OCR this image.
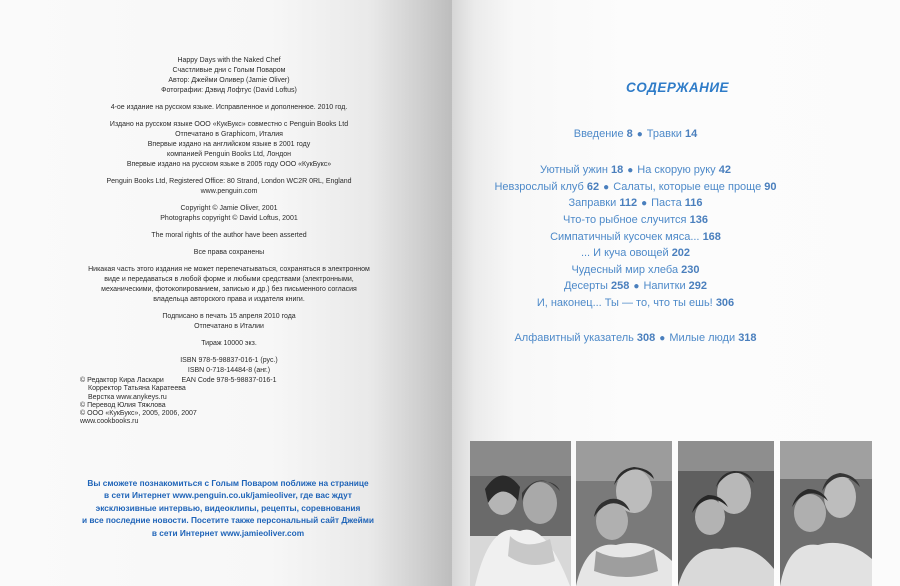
Happy Days with the Naked Chef
Счастливые дни с Голым Поваром
Автор: Джейми Оливер (Jamie Oliver)
Фотографии: Дэвид Лофтус (David Loftus)
4-ое издание на русском языке. Исправленное и дополненное. 2010 год.
Издано на русском языке ООО «КукБукс» совместно с Penguin Books Ltd
Отпечатано в Graphicom, Италия
Впервые издано на английском языке в 2001 году
компанией Penguin Books Ltd, Лондон
Впервые издано на русском языке в 2005 году ООО «КукБукс»
Penguin Books Ltd, Registered Office: 80 Strand, London WC2R 0RL, England
www.penguin.com
Copyright © Jamie Oliver, 2001
Photographs copyright © David Loftus, 2001
The moral rights of the author have been asserted
Все права сохранены
Никакая часть этого издания не может перепечатываться, сохраняться в электронном
виде и передаваться в любой форме и любыми средствами (электронными,
механическими, фотокопированием, записью и др.) без письменного согласия
владельца авторского права и издателя книги.
Подписано в печать 15 апреля 2010 года
Отпечатано в Италии
Тираж 10000 экз.
ISBN 978-5-98837-016-1 (рус.)
ISBN 0-718-14484-8 (анг.)
EAN Code 978-5-98837-016-1
© Редактор Кира Ласкари
Корректор Татьяна Каратеева
Верстка www.anykeys.ru
© Перевод Юлия Тяжлова
© ООО «КукБукс», 2005, 2006, 2007
www.cookbooks.ru
Вы сможете познакомиться с Голым Поваром поближе на странице
в сети Интернет www.penguin.co.uk/jamieoliver, где вас ждут
эксклюзивные интервью, видеоклипы, рецепты, соревнования
и все последние новости. Посетите также персональный сайт Джейми
в сети Интернет www.jamieoliver.com
СОДЕРЖАНИЕ
Введение 8 ● Травки 14
Уютный ужин 18 ● На скорую руку 42
Невзрослый клуб 62 ● Салаты, которые еще проще 90
Заправки 112 ● Паста 116
Что-то рыбное случится 136
Симпатичный кусочек мяса... 168
... И куча овощей 202
Чудесный мир хлеба 230
Десерты 258 ● Напитки 292
И, наконец... Ты — то, что ты ешь! 306
Алфавитный указатель 308 ● Милые люди 318
